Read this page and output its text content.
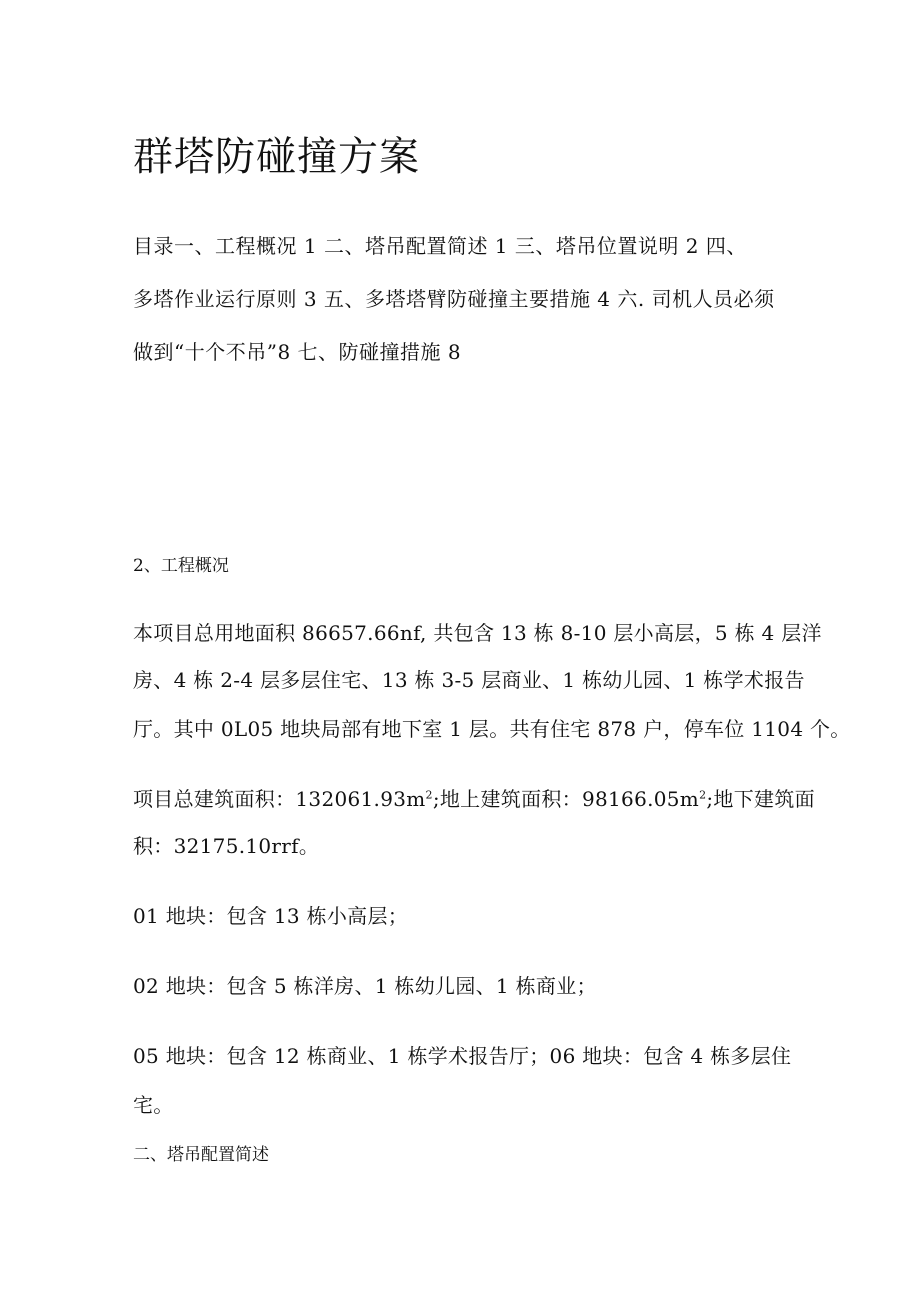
群塔防碰撞方案
目录一、工程概况 1 二、塔吊配置简述 1 三、塔吊位置说明 2 四、
多塔作业运行原则 3 五、多塔塔臂防碰撞主要措施 4 六. 司机人员必须
做到“十个不吊”8 七、防碰撞措施 8
2、工程概况
本项目总用地面积 86657.66nf, 共包含 13 栋 8-10 层小高层，5 栋 4 层洋
房、4 栋 2-4 层多层住宅、13 栋 3-5 层商业、1 栋幼儿园、1 栋学术报告
厅。其中 0L05 地块局部有地下室 1 层。共有住宅 878 户，停车位 1104 个。
项目总建筑面积：$132061.93m^2$;地上建筑面积：$98166.05m^2$;地下建筑面
积：32175.10rrf。
01 地块：包含 13 栋小高层；
02 地块：包含 5 栋洋房、1 栋幼儿园、1 栋商业；
05 地块：包含 12 栋商业、1 栋学术报告厅；06 地块：包含 4 栋多层住
宅。
二、塔吊配置简述
